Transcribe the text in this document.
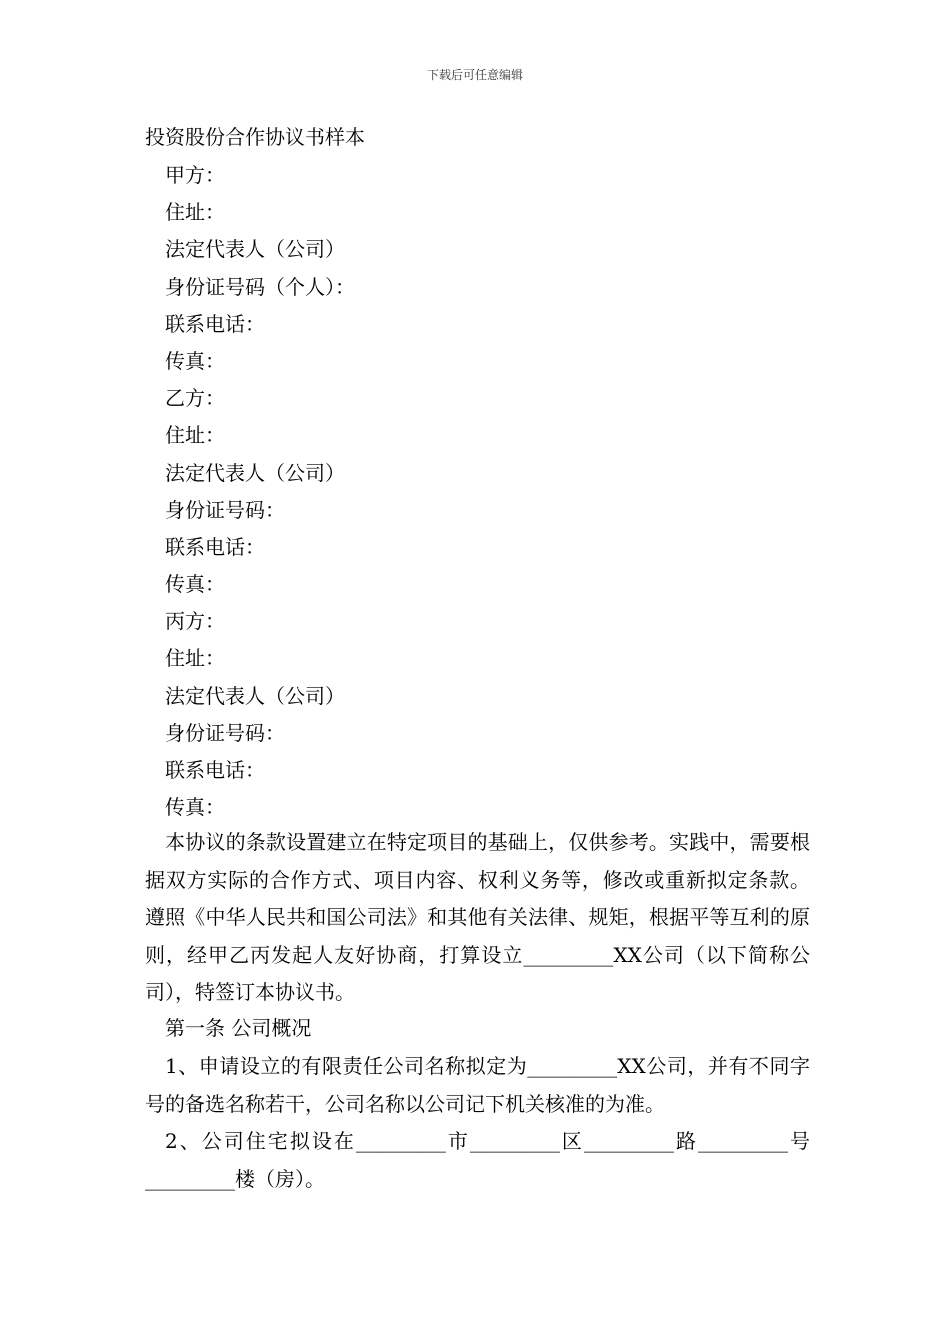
下载后可任意编辑
投资股份合作协议书样本
甲方：
住址：
法定代表人（公司）
身份证号码（个人）：
联系电话：
传真：
乙方：
住址：
法定代表人（公司）
身份证号码：
联系电话：
传真：
丙方：
住址：
法定代表人（公司）
身份证号码：
联系电话：
传真：
本协议的条款设置建立在特定项目的基础上，仅供参考。实践中，需要根据双方实际的合作方式、项目内容、权利义务等，修改或重新拟定条款。 遵照《中华人民共和国公司法》和其他有关法律、规矩，根据平等互利的原则，经甲乙丙发起人友好协商，打算设立_________XX公司（以下简称公司），特签订本协议书。
第一条 公司概况
1、申请设立的有限责任公司名称拟定为_________XX公司，并有不同字号的备选名称若干，公司名称以公司记下机关核准的为准。
2、公司住宅拟设在_________市_________区_________路_________号_________楼（房）。
